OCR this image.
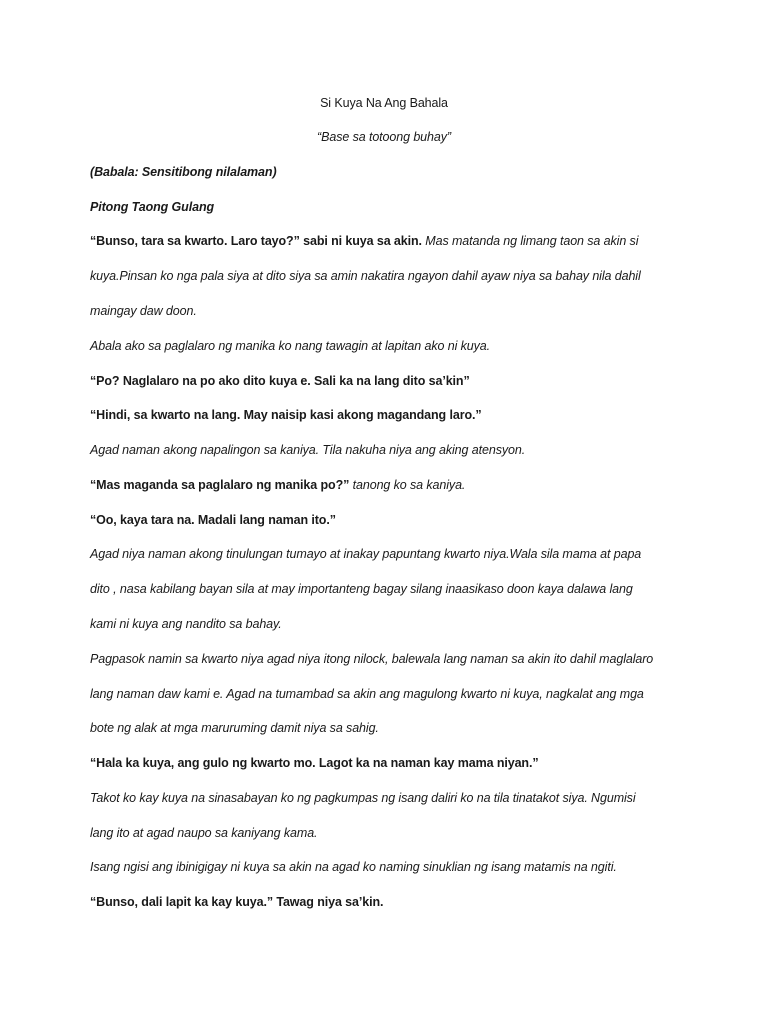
Si Kuya Na Ang Bahala
“Base sa totoong buhay”
(Babala: Sensitibong nilalaman)
Pitong Taong Gulang
“Bunso, tara sa kwarto. Laro tayo?” sabi ni kuya sa akin. Mas matanda ng limang taon sa akin si
kuya.Pinsan ko nga pala siya at dito siya sa amin nakatira ngayon dahil ayaw niya sa bahay nila dahil
maingay daw doon.
Abala ako sa paglalaro ng manika ko nang tawagin at lapitan ako ni kuya.
“Po? Naglalaro na po ako dito kuya e. Sali ka na lang dito sa’kin”
“Hindi, sa kwarto na lang. May naisip kasi akong magandang laro.”
Agad naman akong napalingon sa kaniya. Tila nakuha niya ang aking atensyon.
“Mas maganda sa paglalaro ng manika po?” tanong ko sa kaniya.
“Oo, kaya tara na. Madali lang naman ito.”
Agad niya naman akong tinulungan tumayo at inakay papuntang kwarto niya.Wala sila mama at papa
dito , nasa kabilang bayan sila at may importanteng bagay silang inaasikaso doon kaya dalawa lang
kami ni kuya ang nandito sa bahay.
Pagpasok namin sa kwarto niya agad niya itong nilock, balewala lang naman sa akin ito dahil maglalaro
lang naman daw kami e. Agad na tumambad sa akin ang magulong kwarto ni kuya, nagkalat ang mga
bote ng alak at mga maruruming damit niya sa sahig.
“Hala ka kuya, ang gulo ng kwarto mo. Lagot ka na naman kay mama niyan.”
Takot ko kay kuya na sinasabayan ko ng pagkumpas ng isang daliri ko na tila tinatakot siya. Ngumisi
lang ito at agad naupo sa kaniyang kama.
Isang ngisi ang ibinigigay ni kuya sa akin na agad ko naming sinuklian ng isang matamis na ngiti.
“Bunso, dali lapit ka kay kuya.” Tawag niya sa’kin.
